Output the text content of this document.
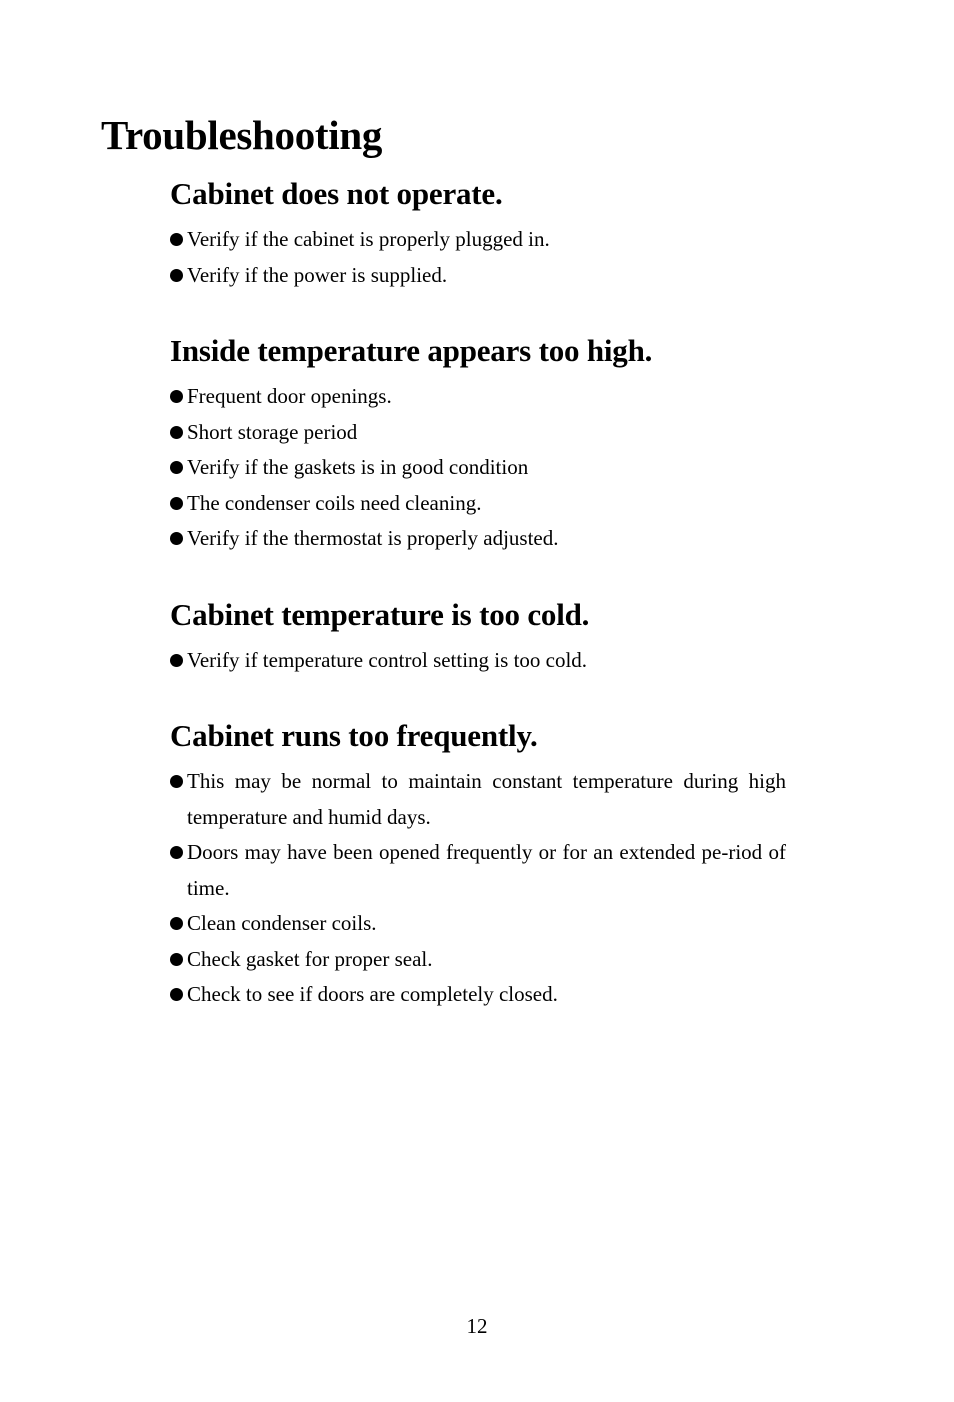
Troubleshooting
Cabinet does not operate.
Verify if the cabinet is properly plugged in.
Verify if the power is supplied.
Inside temperature appears too high.
Frequent door openings.
Short storage period
Verify if the gaskets is in good condition
The condenser coils need cleaning.
Verify if the thermostat is properly adjusted.
Cabinet temperature is too cold.
Verify if temperature control setting is too cold.
Cabinet runs too frequently.
This may be normal to maintain constant temperature during high temperature and humid days.
Doors may have been opened frequently or for an extended pe-riod of time.
Clean condenser coils.
Check gasket for proper seal.
Check to see if doors are completely closed.
12
